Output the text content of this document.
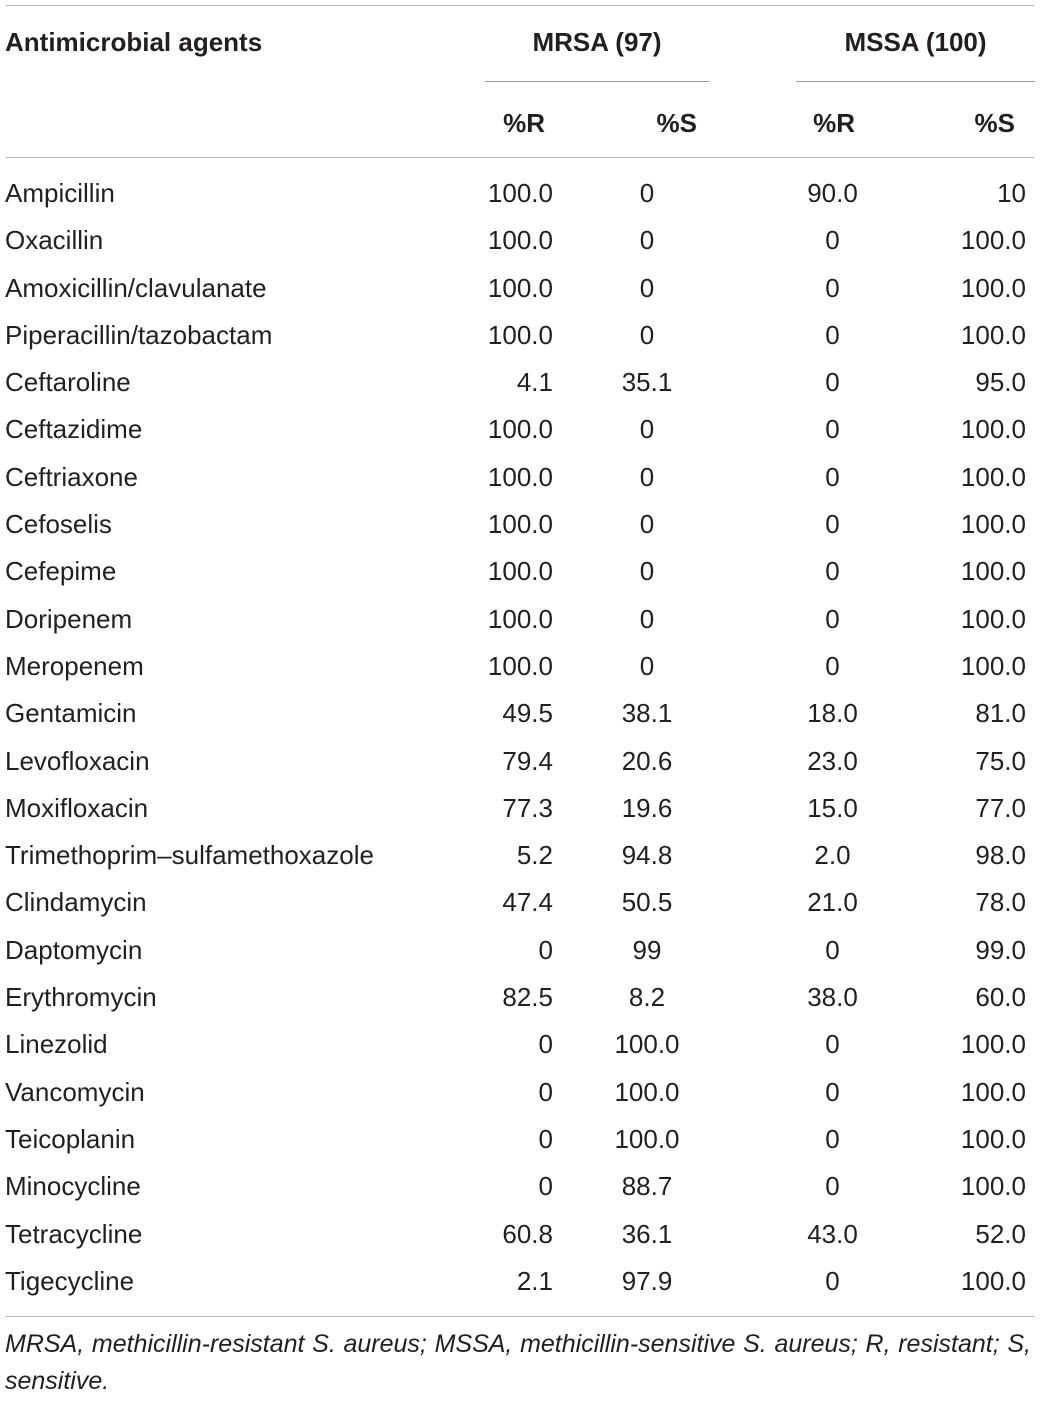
Antimicrobial agents	MRSA (97)	MSSA (100)
%R	%S	%R	%S
Ampicillin	100.0	0	90.0	10
Oxacillin	100.0	0	0	100.0
Amoxicillin/clavulanate	100.0	0	0	100.0
Piperacillin/tazobactam	100.0	0	0	100.0
Ceftaroline	4.1	35.1	0	95.0
Ceftazidime	100.0	0	0	100.0
Ceftriaxone	100.0	0	0	100.0
Cefoselis	100.0	0	0	100.0
Cefepime	100.0	0	0	100.0
Doripenem	100.0	0	0	100.0
Meropenem	100.0	0	0	100.0
Gentamicin	49.5	38.1	18.0	81.0
Levofloxacin	79.4	20.6	23.0	75.0
Moxifloxacin	77.3	19.6	15.0	77.0
Trimethoprim–sulfamethoxazole	5.2	94.8	2.0	98.0
Clindamycin	47.4	50.5	21.0	78.0
Daptomycin	0	99	0	99.0
Erythromycin	82.5	8.2	38.0	60.0
Linezolid	0	100.0	0	100.0
Vancomycin	0	100.0	0	100.0
Teicoplanin	0	100.0	0	100.0
Minocycline	0	88.7	0	100.0
Tetracycline	60.8	36.1	43.0	52.0
Tigecycline	2.1	97.9	0	100.0
MRSA, methicillin-resistant S. aureus; MSSA, methicillin-sensitive S. aureus; R, resistant; S, sensitive.
